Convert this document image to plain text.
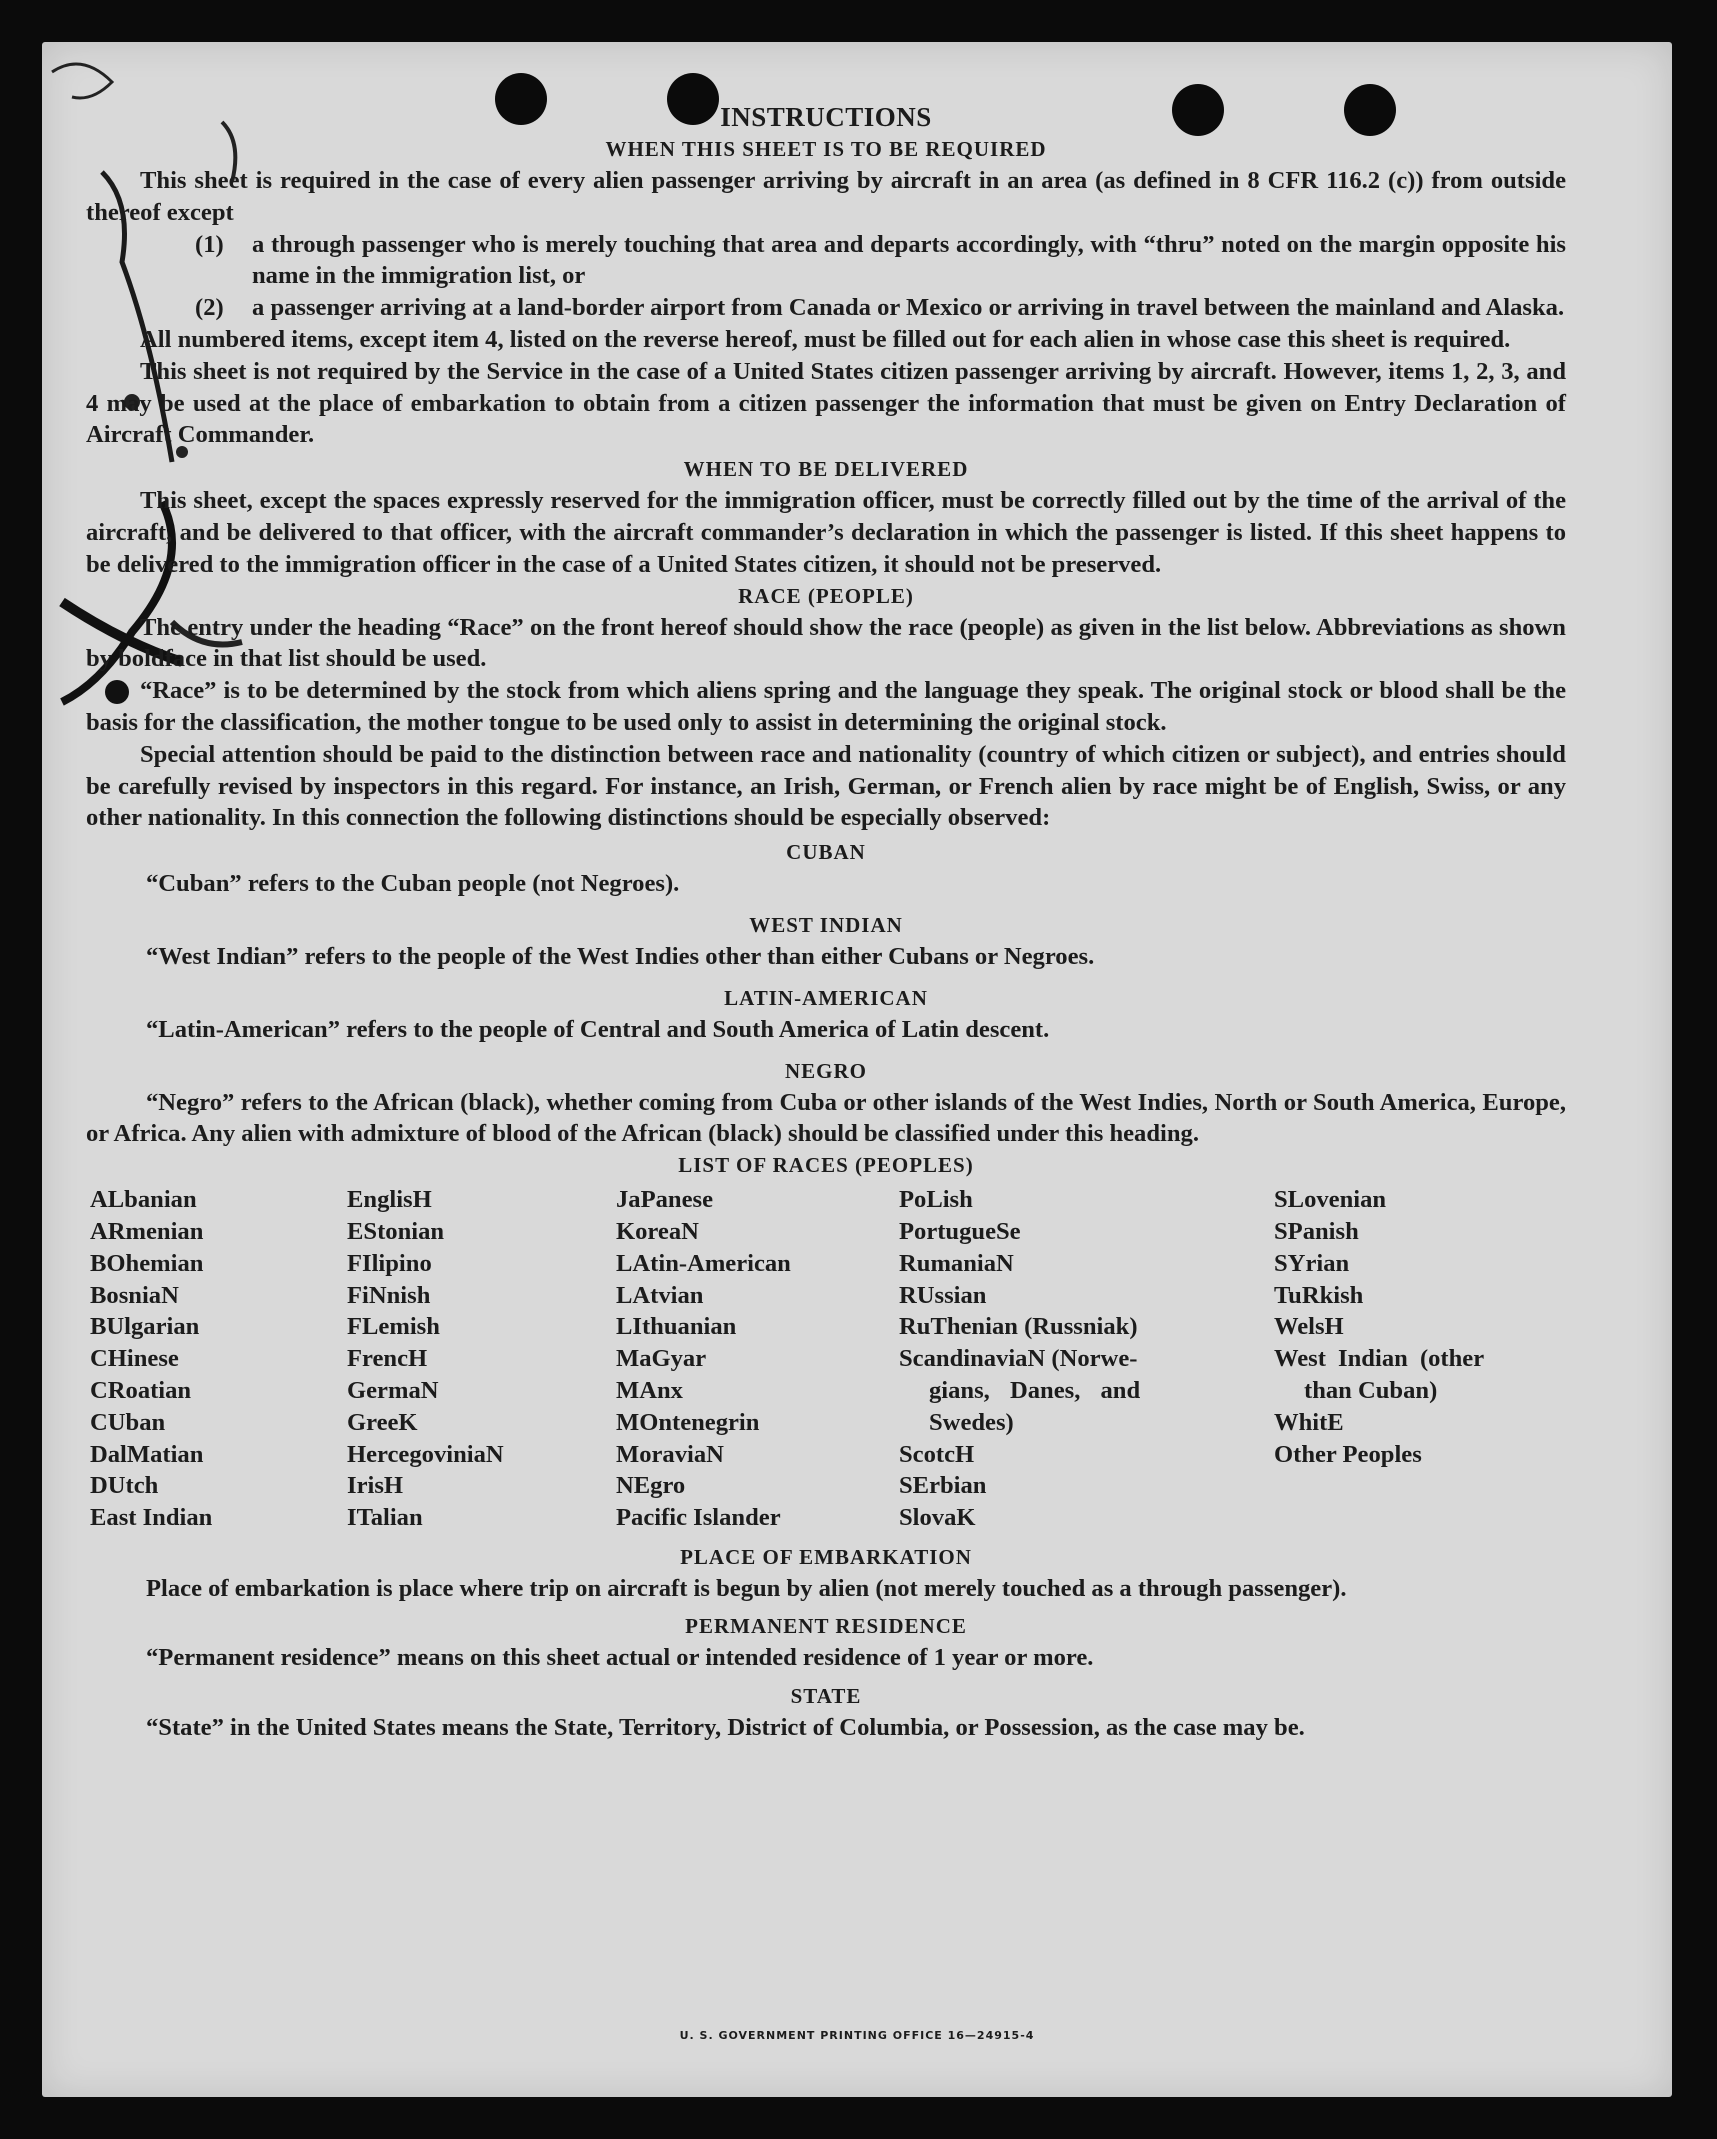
U. S. GOVERNMENT PRINTING OFFICE 16—24915-4
INSTRUCTIONS
WHEN THIS SHEET IS TO BE REQUIRED

This sheet is required in the case of every alien passenger arriving by aircraft in an area (as defined in 8 CFR 116.2 (c)) from outside thereof except

(1)	a through passenger who is merely touching that area and departs accordingly, with “thru” noted on the margin opposite his name in the immigration list, or
(2)	a passenger arriving at a land-border airport from Canada or Mexico or arriving in travel between the mainland and Alaska.

All numbered items, except item 4, listed on the reverse hereof, must be filled out for each alien in whose case this sheet is required.

This sheet is not required by the Service in the case of a United States citizen passenger arriving by aircraft. However, items 1, 2, 3, and 4 may be used at the place of embarkation to obtain from a citizen passenger the information that must be given on Entry Declaration of Aircraft Commander.

WHEN TO BE DELIVERED

This sheet, except the spaces expressly reserved for the immigration officer, must be correctly filled out by the time of the arrival of the aircraft, and be delivered to that officer, with the aircraft commander’s declaration in which the passenger is listed. If this sheet happens to be delivered to the immigration officer in the case of a United States citizen, it should not be preserved.

RACE (PEOPLE)

The entry under the heading “Race” on the front hereof should show the race (people) as given in the list below. Abbreviations as shown by boldface in that list should be used.

“Race” is to be determined by the stock from which aliens spring and the language they speak. The original stock or blood shall be the basis for the classification, the mother tongue to be used only to assist in determining the original stock.

Special attention should be paid to the distinction between race and nationality (country of which citizen or subject), and entries should be carefully revised by inspectors in this regard. For instance, an Irish, German, or French alien by race might be of English, Swiss, or any other nationality. In this connection the following distinctions should be especially observed:

CUBAN

“Cuban” refers to the Cuban people (not Negroes).

WEST INDIAN

“West Indian” refers to the people of the West Indies other than either Cubans or Negroes.

LATIN-AMERICAN

“Latin-American” refers to the people of Central and South America of Latin descent.

NEGRO

“Negro” refers to the African (black), whether coming from Cuba or other islands of the West Indies, North or South America, Europe, or Africa. Any alien with admixture of blood of the African (black) should be classified under this heading.

LIST OF RACES (PEOPLES)
ALbanian
ARmenian
BOhemian
BosniaN
BUlgarian
CHinese
CRoatian
CUban
DalMatian
DUtch
East Indian
EnglisH
EStonian
FIlipino
FiNnish
FLemish
FrencH
GermaN
GreeK
HercegoviniaN
IrisH
ITalian
JaPanese
KoreaN
LAtin-American
LAtvian
LIthuanian
MaGyar
MAnx
MOntenegrin
MoraviaN
NEgro
Pacific Islander
PoLish
PortugueSe
RumaniaN
RUssian
RuThenian (Russniak)
ScandinaviaN (Norwe-
gians, Danes, and
Swedes)
ScotcH
SErbian
SlovaK
SLovenian
SPanish
SYrian
TuRkish
WelsH
West Indian (other
than Cuban)
WhitE
Other Peoples
PLACE OF EMBARKATION

Place of embarkation is place where trip on aircraft is begun by alien (not merely touched as a through passenger).

PERMANENT RESIDENCE

“Permanent residence” means on this sheet actual or intended residence of 1 year or more.

STATE

“State” in the United States means the State, Territory, District of Columbia, or Possession, as the case may be.
